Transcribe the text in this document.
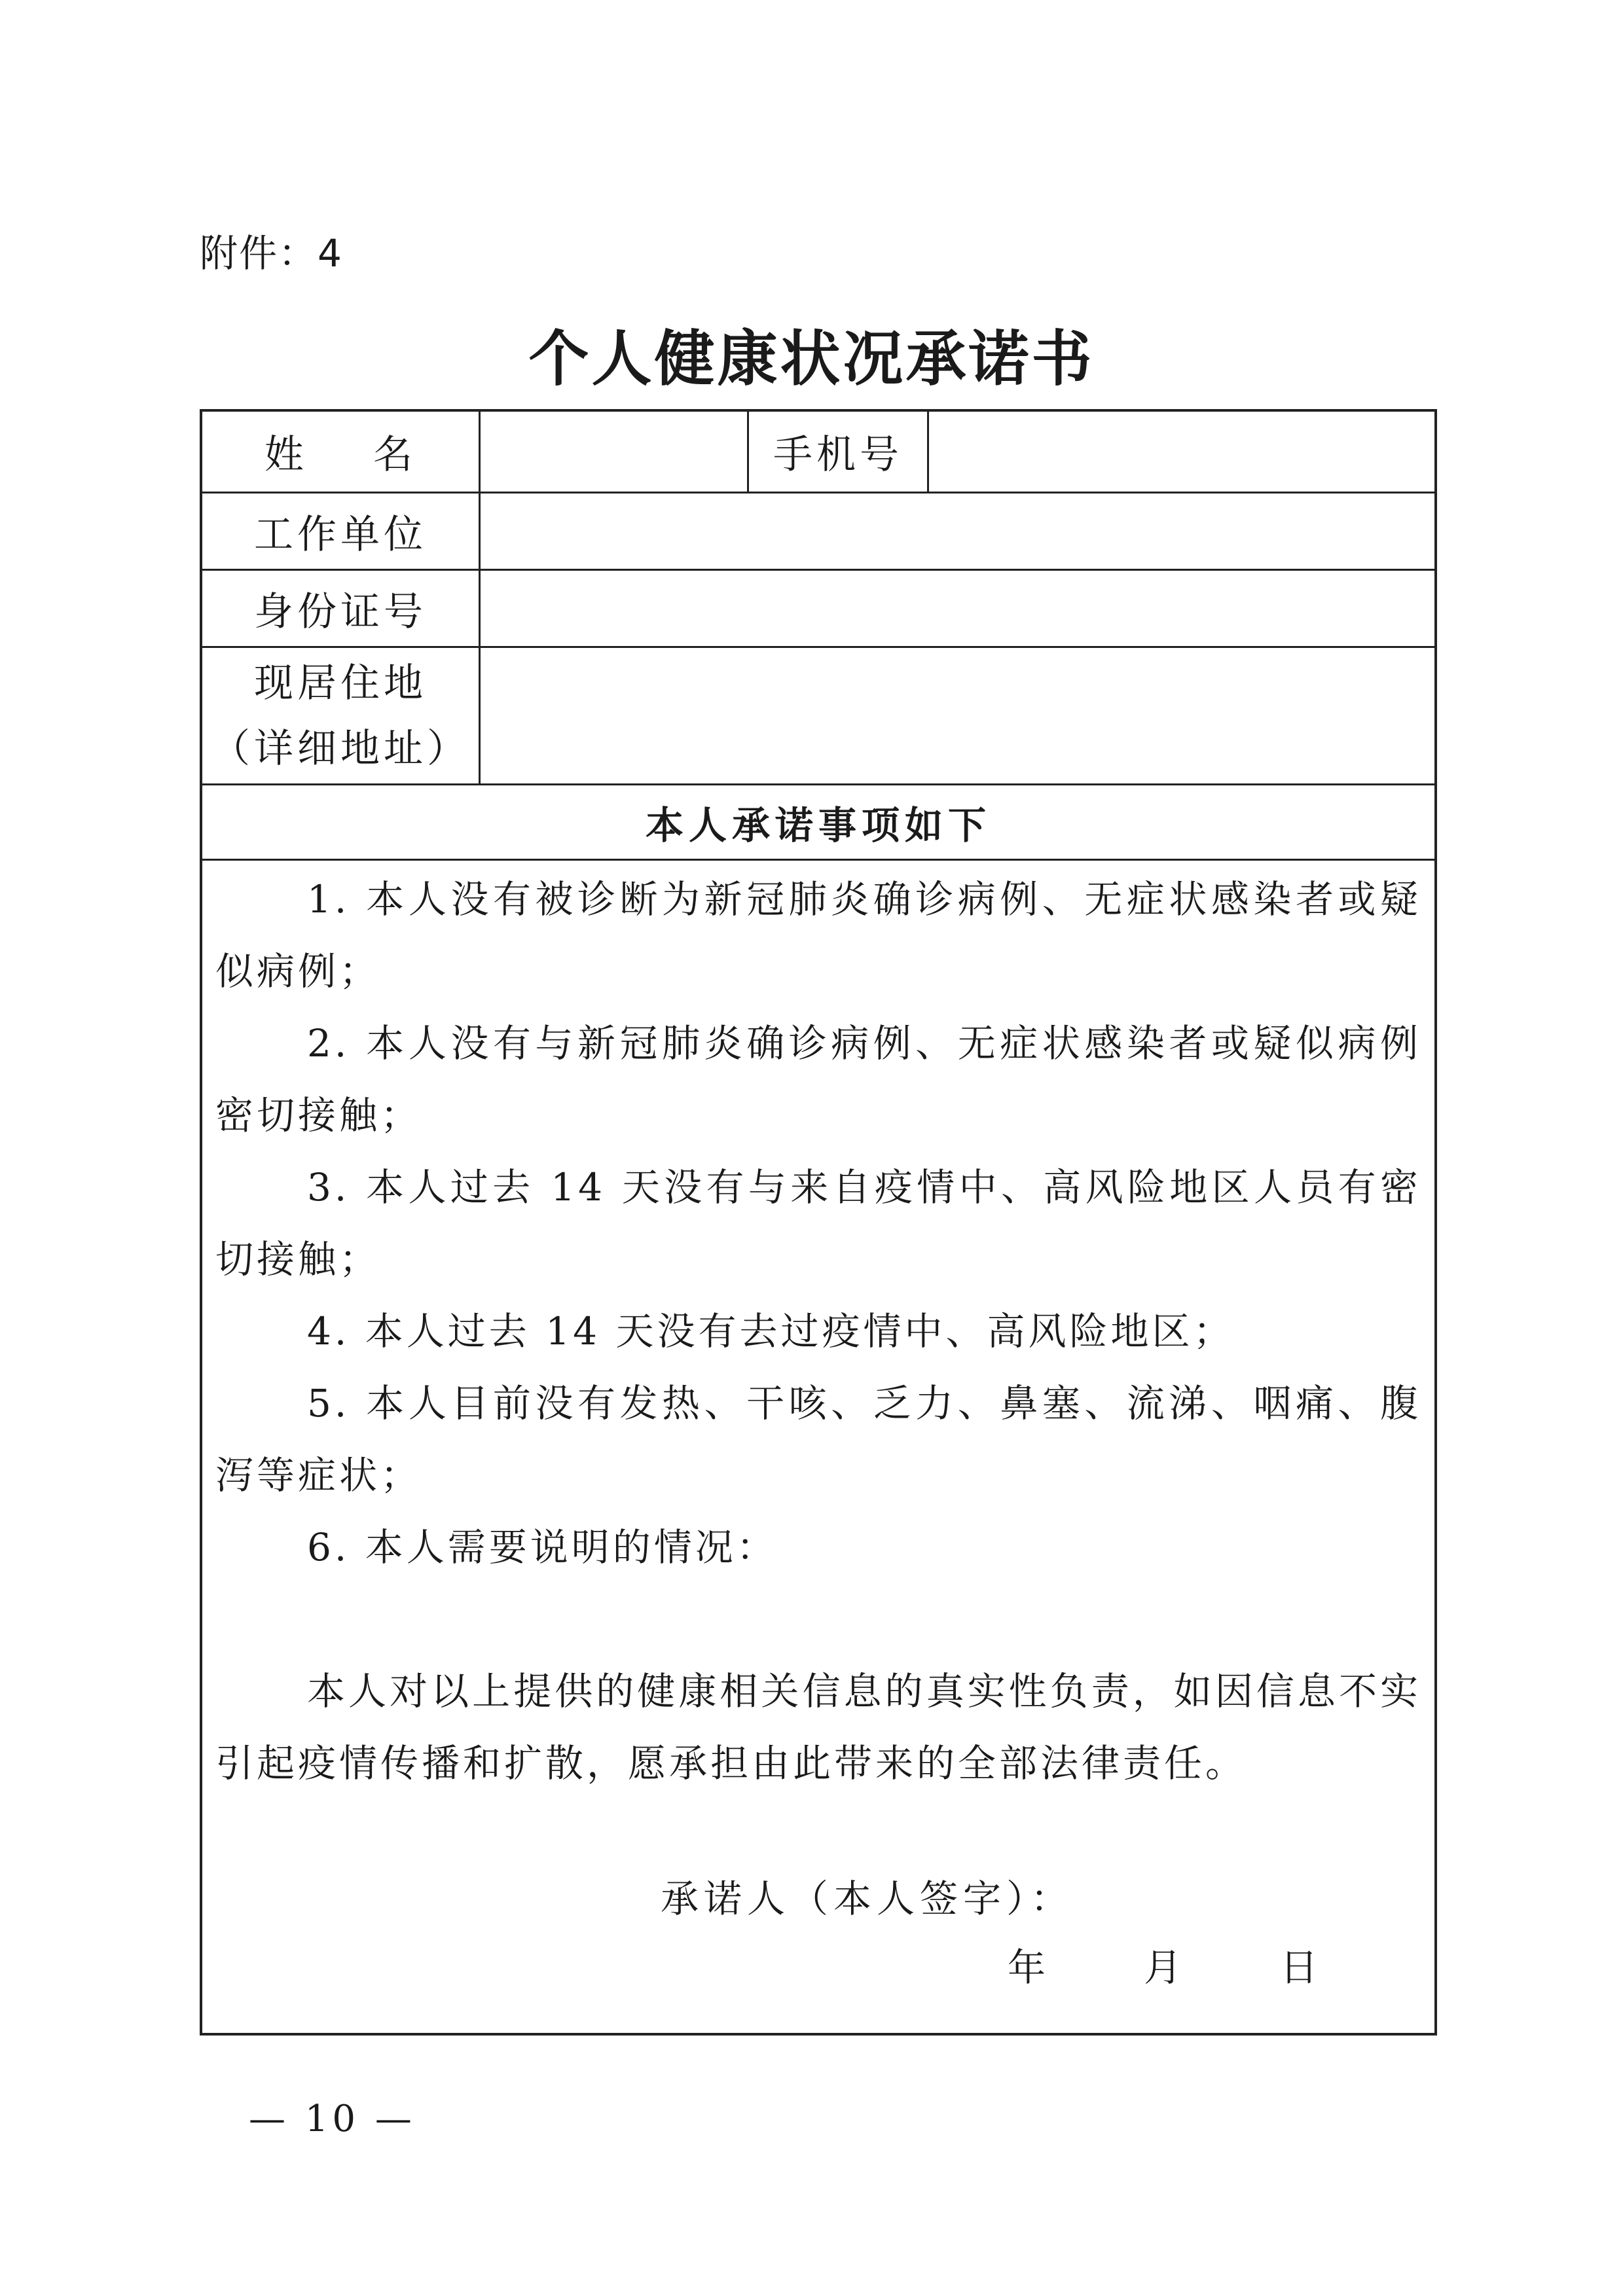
附件：4
个人健康状况承诺书
姓    名	手机号
工作单位
身份证号
现居住地
（详细地址）
本人承诺事项如下

1. 本人没有被诊断为新冠肺炎确诊病例、无症状感染者或疑似病例；

2. 本人没有与新冠肺炎确诊病例、无症状感染者或疑似病例密切接触；

3. 本人过去 14 天没有与来自疫情中、高风险地区人员有密切接触；

4. 本人过去 14 天没有去过疫情中、高风险地区；

5. 本人目前没有发热、干咳、乏力、鼻塞、流涕、咽痛、腹泻等症状；

6. 本人需要说明的情况：

本人对以上提供的健康相关信息的真实性负责，如因信息不实引起疫情传播和扩散，愿承担由此带来的全部法律责任。

承诺人（本人签字）：
年	月	日
— 10 —
